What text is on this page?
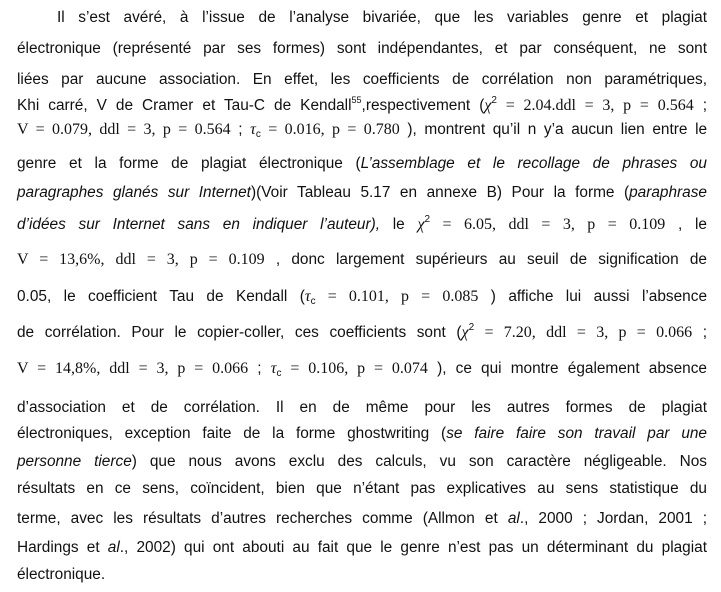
Il s’est avéré, à l’issue de l’analyse bivariée, que les variables genre et plagiat
électronique (représenté par ses formes) sont indépendantes, et par conséquent, ne sont
liées par aucune association. En effet, les coefficients de corrélation non paramétriques,
Khi carré, V de Cramer et Tau-C de Kendall$^{55}$,respectivement ($\chi^2 = 2.04.ddl = 3$, p = 0.564 ;
V = 0.079, ddl = 3, p = 0.564 ; $\tau_c = 0.016$, p = 0.780 ), montrent qu’il n y’a aucun lien entre le
genre et la forme de plagiat électronique (L’assemblage et le recollage de phrases ou
paragraphes glanés sur Internet)(Voir Tableau 5.17 en annexe B) Pour la forme (paraphrase
d’idées sur Internet sans en indiquer l’auteur), le $\chi^2 = 6.05$, ddl = 3, p = 0.109 , le
V = 13,6%, ddl = 3, p = 0.109 , donc largement supérieurs au seuil de signification de
0.05, le coefficient Tau de Kendall ($\tau_c = 0.101$, p = 0.085 ) affiche lui aussi l’absence
de corrélation. Pour le copier-coller, ces coefficients sont ($\chi^2 = 7.20$, ddl = 3, p = 0.066 ;
V = 14,8%, ddl = 3, p = 0.066 ; $\tau_c = 0.106$, p = 0.074 ), ce qui montre également absence
d’association et de corrélation. Il en de même pour les autres formes de plagiat
électroniques, exception faite de la forme ghostwriting (se faire faire son travail par une
personne tierce) que nous avons exclu des calculs, vu son caractère négligeable. Nos
résultats en ce sens, coïncident, bien que n’étant pas explicatives au sens statistique du
terme, avec les résultats d’autres recherches comme (Allmon et al., 2000 ; Jordan, 2001 ;
Hardings et al., 2002) qui ont abouti au fait que le genre n’est pas un déterminant du plagiat
électronique.
